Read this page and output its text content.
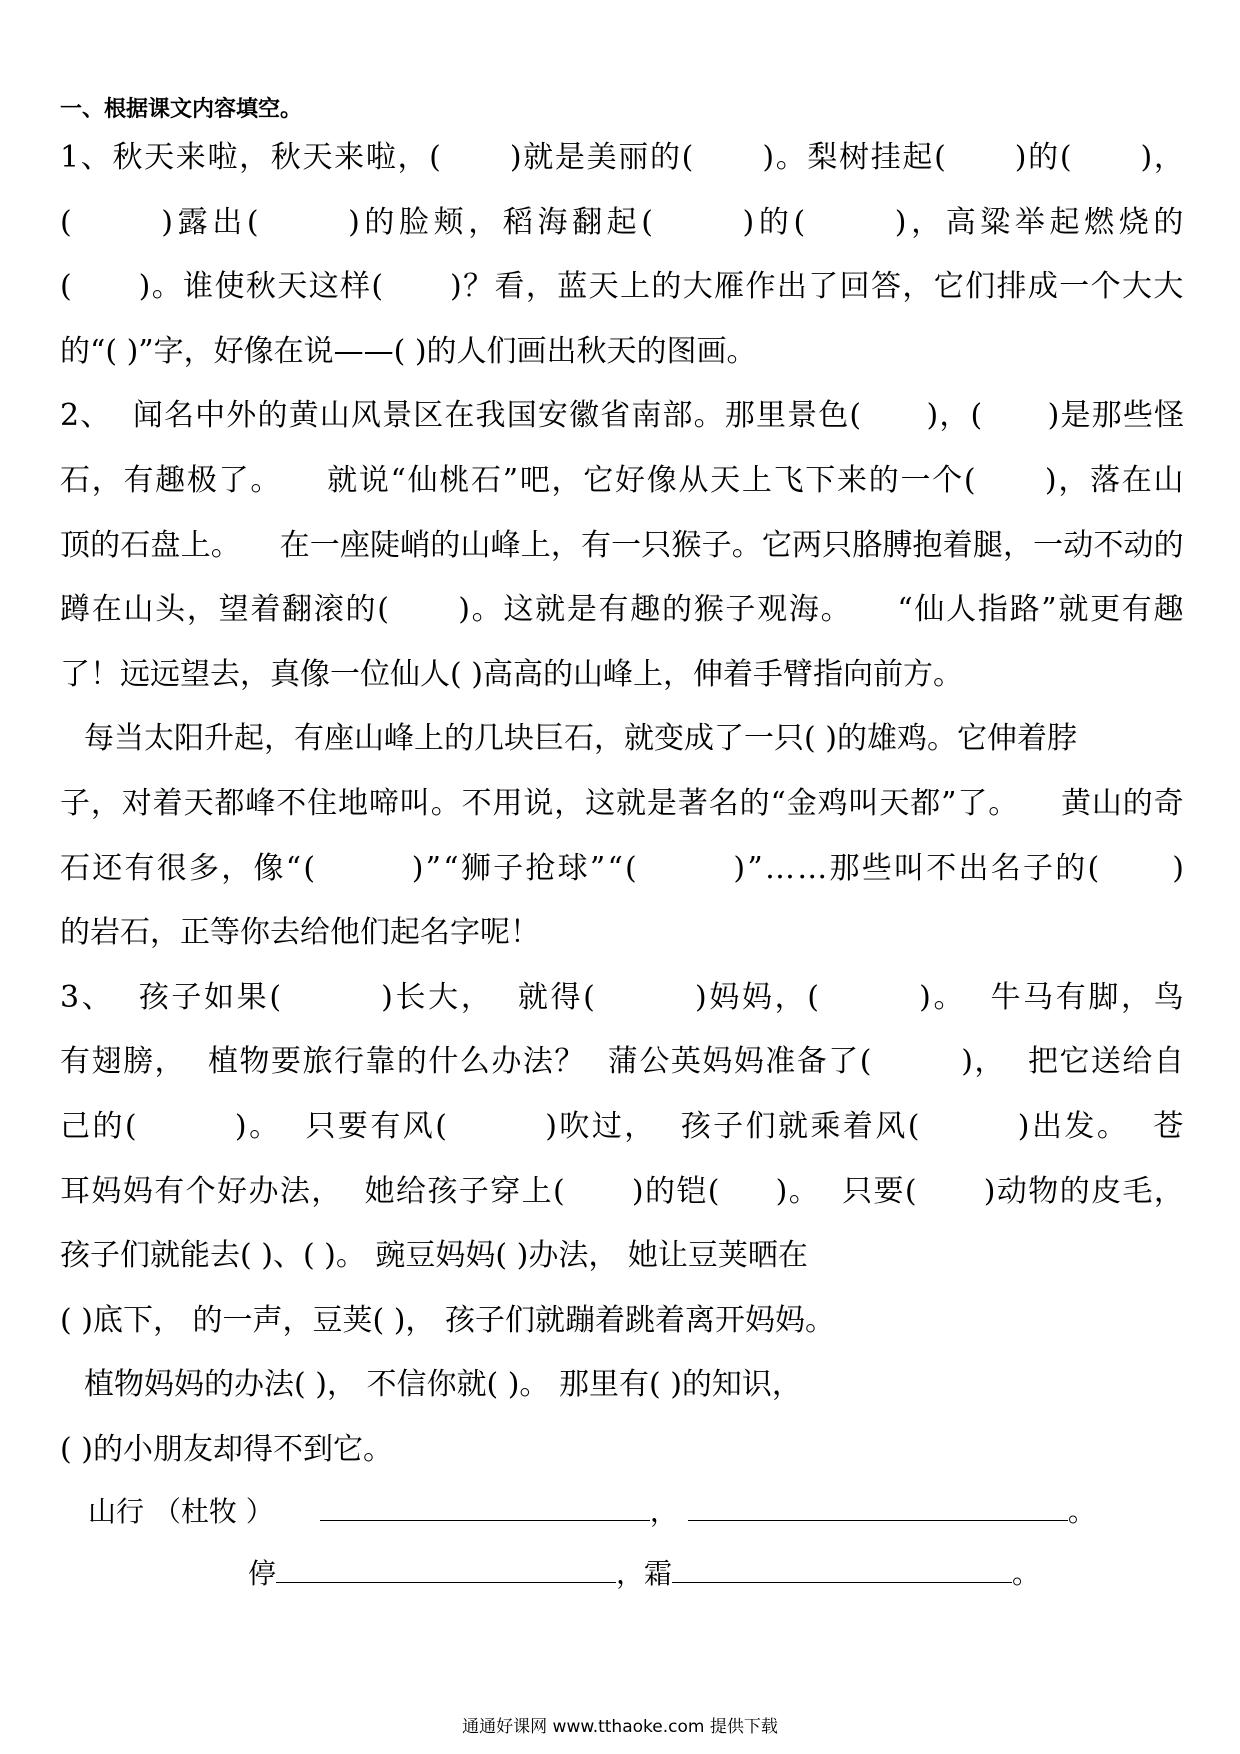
一、根据课文内容填空。
1 、 秋 天 来 啦 ， 秋 天 来 啦 ， (

) 就 是 美 丽 的 (

) 。 梨 树 挂 起 (

) 的 (

) ，
(

	) 露 出 (

	) 的 脸 颊 ， 稻 海 翻 起 (

	) 的 (

	) ， 高 粱 举 起 燃 烧 的
(

) 。 谁 使 秋 天 这 样 (

) ？ 看 ， 蓝 天 上 的 大 雁 作 出 了 回 答 ， 它 们 排 成 一 个 大 大
的“( )”字，好像在说——( )的人们画出秋天的图画。
2 、

闻 名 中 外 的 黄 山 风 景 区 在 我 国 安 徽 省 南 部 。 那 里 景 色 (

) ， (

) 是 那 些 怪
石 ， 有 趣 极 了 。

就 说 “ 仙 桃 石 ” 吧 ， 它 好 像 从 天 上 飞 下 来 的 一 个 (

) ， 落 在 山
顶 的 石 盘 上 。

在 一 座 陡 峭 的 山 峰 上 ， 有 一 只 猴 子 。 它 两 只 胳 膊 抱 着 腿 ， 一 动 不 动 的
蹲 在 山 头 ， 望 着 翻 滚 的 (

) 。 这 就 是 有 趣 的 猴 子 观 海 。

“ 仙 人 指 路 ” 就 更 有 趣
了！远远望去，真像一位仙人( )高高的山峰上，伸着手臂指向前方。
每当太阳升起，有座山峰上的几块巨石，就变成了一只( )的雄鸡。它伸着脖
子 ， 对 着 天 都 峰 不 住 地 啼 叫 。 不 用 说 ， 这 就 是 著 名 的 “ 金 鸡 叫 天 都 ” 了 。

黄 山 的 奇
石 还 有 很 多 ， 像 “ (

	) ” “ 狮 子 抢 球 ” “ (

	) ” … … 那 些 叫 不 出 名 子 的 (

)
的岩石，正等你去给他们起名字呢！
3 、

孩 子 如 果 (

	) 长 大 ，

就 得 (

	) 妈 妈 ， (

	) 。

牛 马 有 脚 ， 鸟
有 翅 膀 ，

植 物 要 旅 行 靠 的 什 么 办 法 ？

蒲 公 英 妈 妈 准 备 了 (

	) ，

把 它 送 给 自
己 的 (

	) 。

只 要 有 风 (

	) 吹 过 ，

孩 子 们 就 乘 着 风 (

	) 出 发 。

苍
耳 妈 妈 有 个 好 办 法 ，

她 给 孩 子 穿 上 (

) 的 铠 (

) 。

只 要 (

) 动 物 的 皮 毛 ，
孩子们就能去( )、( )。 豌豆妈妈( )办法， 她让豆荚晒在
( )底下， 的一声，豆荚( )， 孩子们就蹦着跳着离开妈妈。
植物妈妈的办法( )， 不信你就( )。 那里有( )的知识，
( )的小朋友却得不到它。
山行 （杜牧 ）	，	。
停	，霜	。
通通好课网 www.tthaoke.com 提供下载
